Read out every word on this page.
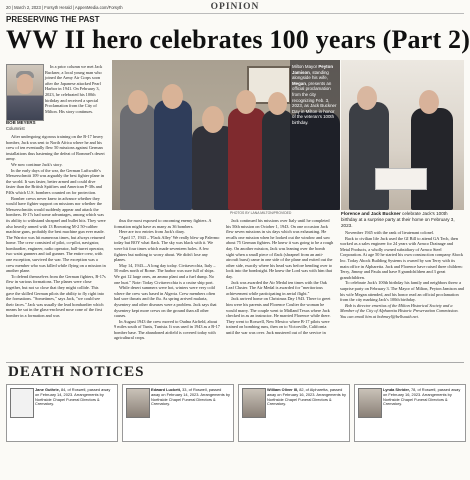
20 | March 2, 2023 | Forsyth Herald | AppenMedia.com/Forsyth	OPINION
PRESERVING THE PAST
WW II hero celebrates 100 years (Part 2)
BOB MEYERS
Columnist

In a prior column we met Jack Buckner, a local young man who joined the Army Air Corps soon after the Japanese attacked Pearl Harbor in 1941. On February 3, 2023, he celebrated his 100th birthday and received a special Proclamation from the City of Milton. His story continues.

After undergoing rigorous training on the B-17 heavy bomber, Jack was sent to North Africa where he and his crew of ten eventually flew 50 missions against German installations thus hastening the defeat of Rommel's desert army.

We now continue Jack's story.

In the early days of the war, the German Luftwaffe's Messerschmitt 109 was arguably the best fighter plane in the world. It was faster, better armed and could dive faster than the British Spitfires and American P-38s and P40s which U.S. bombers counted on for protection.

Bomber crews never knew in advance whether they would have fighter support on missions nor whether the Messerschmitts would suddenly appear and attack the bombers. B-17s had some advantages, among which was its ability to withstand shrapnel and bullet hits. They were also heavily armed with 13 Browning M-2 50-caliber machine guns, probably the best machine gun ever made. The Warrior was hit numerous times, but always returned home. The crew consisted of pilot, co-pilot, navigator, bombardier, engineer, radio operator, ball-turret operator, two waist gunners and tail gunner. The entire crew, with one exception, survived the war. The exception was a crew member who was killed while flying on a mission in another plane.

To defend themselves from the German fighters, B-17s flew in various formations. The planes were close together, but not so close that they might collide. This gave the skilled German pilots the ability to fly right into the formations. "Sometimes," says Jack, "we could see their faces." Jack was usually the lead bombardier which means he sat in the glass-enclosed nose cone of the first bomber in a formation and was

Milton Mayor Peyton Jamison, standing alongside his wife, Megan, presents an official proclamation from the city recognizing Feb. 3, 2023, as Jack Buckner Day in Milton in honor of the veteran's 100th birthday.
PHOTOS BY LANA MILTON/PROVIDED	Florence and Jack Buckner celebrate Jack's 100th birthday at a surprise party at their home on February 3, 2023.

thus the most exposed to oncoming enemy fighters. A formation might have as many as 36 bombers.

Here are two entries from Jack's diary.

"April 17, 1943 – 'Flack Alley' We really blew up Palermo today but BOY what flack. The sky was black with it. We were hit four times which made seventeen holes. A few fighters but nothing to worry about. We didn't lose any planes.

May 14, 1943—A long day today. Civitavecchia, Italy – 50 miles north of Rome. The harbor was sure full of ships. We got 12 large ones, an ammo plant and a fuel dump. No one hurt." Note: Today Civitavecchia is a cruise ship port.

While desert summers were hot, winters were very cold where the crew was based in Algeria. Crew members often had sore throats and the flu. As spring arrived malaria, dysentery and other diseases were a problem. Jack says that dysentery kept more crews on the ground than all other causes.

In August 1943 the crew moved to Oudna Airfield, about 9 miles south of Tunis, Tunisia. It was used in 1943 as a B-17 bomber base. The abandoned airfield is covered today with agricultural crops.

Jack continued his missions over Italy until he completed his 50th mission on October 1, 1943. On one occasion Jack flew seven missions in six days which was exhausting. He recalls one mission when he looked out the window and saw about 75 German fighters. He knew it was going to be a rough day. On another mission, Jack was leaning over the bomb sight when a small piece of flack (shrapnel from an anti-aircraft burst) came in one side of the plane and exited out the other side, exactly where his head was before bending over to look into the bombsight. He knew the Lord was with him that day.

Jack was awarded the Air Medal ten times with the Oak Leaf Cluster. The Air Medal is awarded for "meritorious achievement while participating in aerial flight."

Jack arrived home on Christmas Day 1943. There to greet him were his parents and Florence Coulter the woman he would marry. The couple went to Midland Texas where Jack checked in as an instructor. He married Florence while there. They went to Roswell, New Mexico where B-17 pilots were trained on bombing runs, then on to Victorville, California until the war was over. Jack mustered out of the service in

November 1945 with the rank of lieutenant colonel.

Back to civilian life Jack used the GI Bill to attend GA Tech, then worked as a sales engineer for 24 years with Armco Drainage and Metal Products, a wholly owned subsidiary of Armco Steel Corporation. At age 50 he started his own construction company Abock Inc. Today Abock Building Systems is owned by son Terry with its main office in Alpharetta. Jack and Florence have raised three children: Terry, Jimmy and Paula and have 8 grandchildren and 3 great grandchildren.

To celebrate Jack's 100th birthday his family and neighbors threw a surprise party on February 3. The Mayor of Milton, Peyton Jamison and his wife Megan attended, and his honor read an official proclamation from the city marking Jack's 100th birthday.

Bob is director emeritus of the Milton Historical Society and a Member of the City of Alpharetta Historic Preservation Commission. You can email him at bobmeyl@bellsouth.net.

DEATH NOTICES
Jane Guthrie, 84, of Roswell, passed away on February 14, 2023. Arrangements by Northside Chapel Funeral Directors & Crematory.
Edward Luckett, 33, of Roswell, passed away on February 14, 2023. Arrangements by Northside Chapel Funeral Directors & Crematory.
William Oliver III, 82, of Alpharetta, passed away on February 16, 2023. Arrangements by Northside Chapel Funeral Directors & Crematory.
Lynda Shrider, 78, of Roswell, passed away on February 16, 2023. Arrangements by Northside Chapel Funeral Directors & Crematory.
